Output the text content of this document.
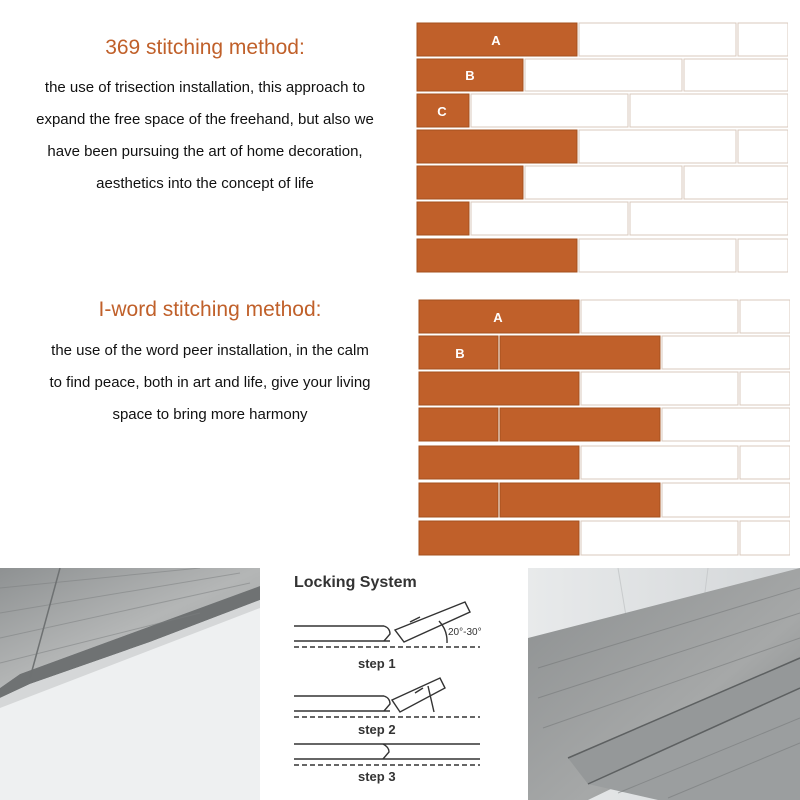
369 stitching method:
the use of trisection installation, this approach to
expand the free space of the freehand, but also we
have been pursuing the art of home decoration,
aesthetics into the concept of life
A
B
C
I-word stitching method:
the use of the word peer installation, in the calm
to find peace, both in art and life, give your living
space to bring more harmony
A
B
Locking System
20°-30°
step 1
step 2
step 3
